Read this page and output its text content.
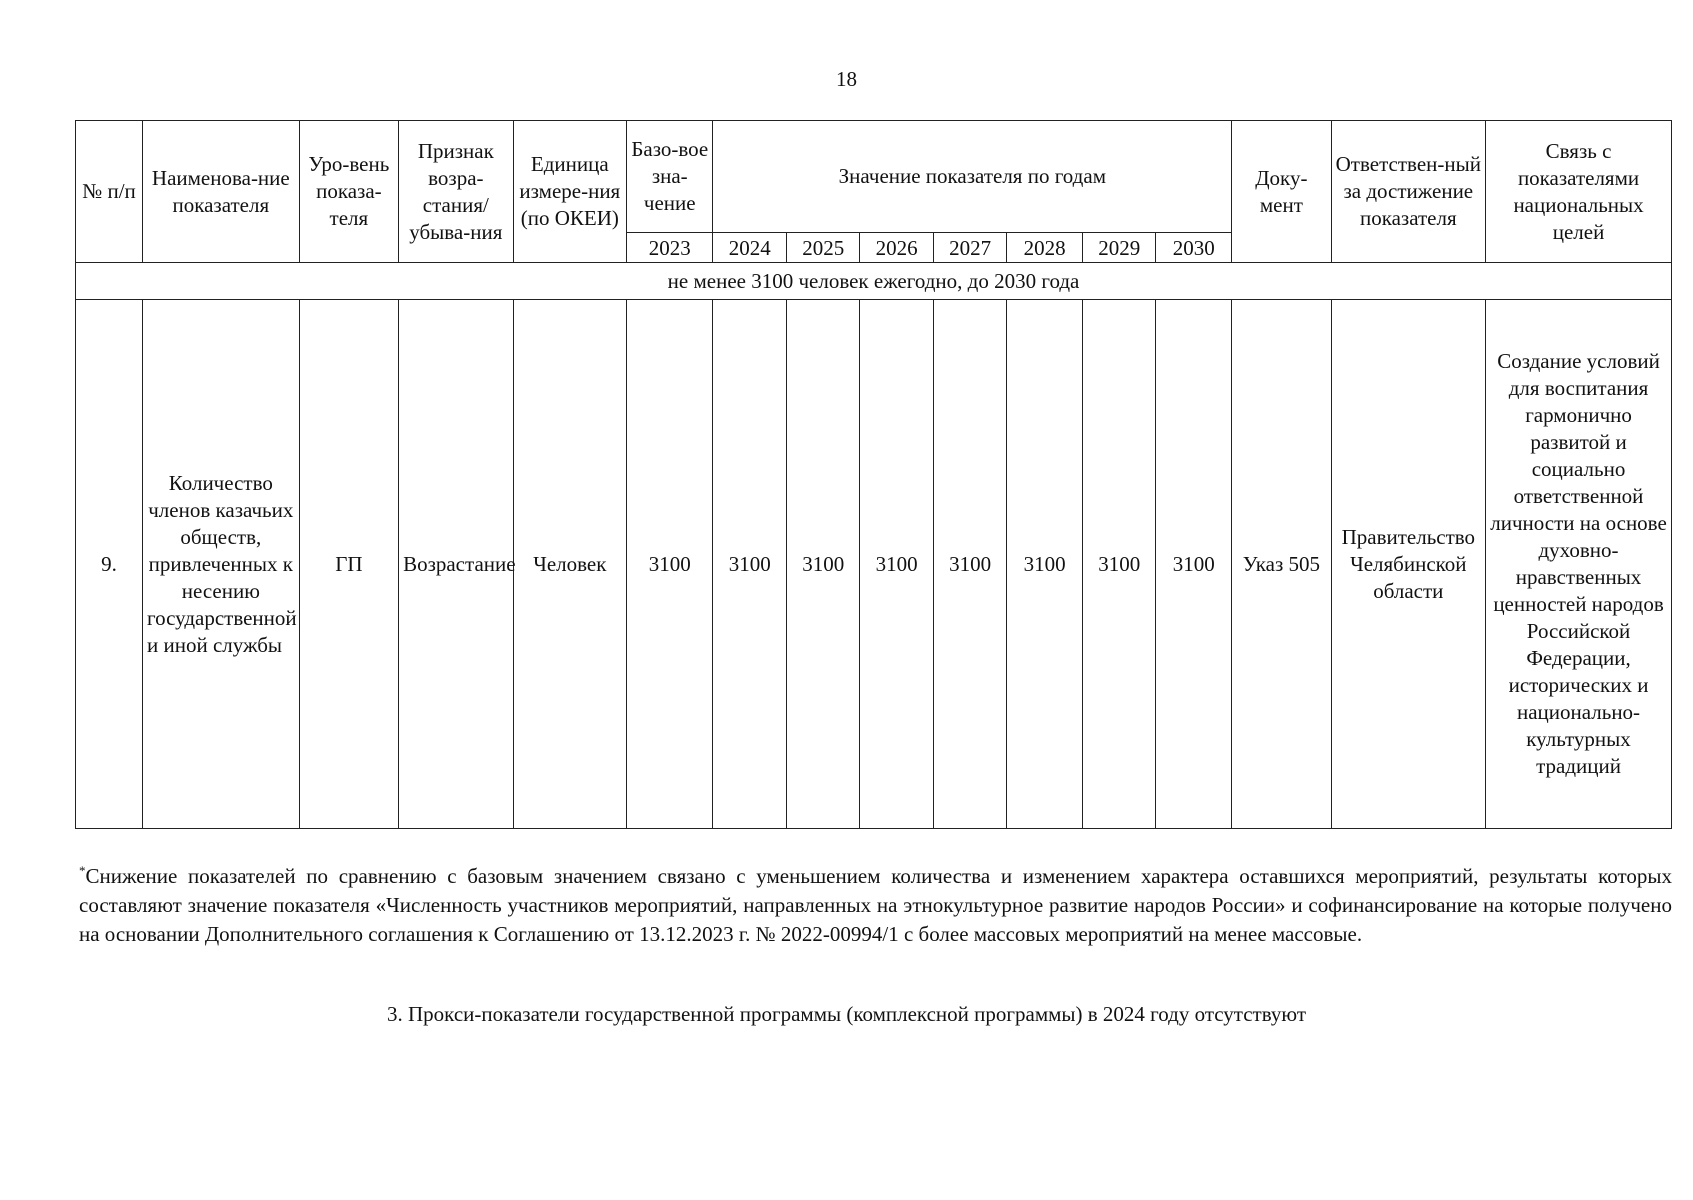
18
№ п/п	Наименова-ние показателя	Уро-вень показа-теля	Признак возра-стания/ убыва-ния	Единица измере-ния (по ОКЕИ)	Базо-вое зна-чение	Значение показателя по годам							Доку-мент	Ответствен-ный за достижение показателя	Связь с показателями национальных целей
					2023	2024	2025	2026	2027	2028	2029	2030			
не менее 3100 человек ежегодно, до 2030 года															
9.	Количество членов казачьих обществ, привлеченных к несению государственной и иной службы	ГП	Возрастание	Человек	3100	3100	3100	3100	3100	3100	3100	3100	Указ 505	Правительство Челябинской области	Создание условий для воспитания гармонично развитой и социально ответственной личности на основе духовно-нравственных ценностей народов Российской Федерации, исторических и национально-культурных традиций
*Снижение показателей по сравнению с базовым значением связано с уменьшением количества и изменением характера оставшихся мероприятий, результаты которых составляют значение показателя «Численность участников мероприятий, направленных на этнокультурное развитие народов России» и софинансирование на которые получено на основании Дополнительного соглашения к Соглашению от 13.12.2023 г. № 2022-00994/1 с более массовых мероприятий на менее массовые.
3. Прокси-показатели государственной программы (комплексной программы) в 2024 году отсутствуют
